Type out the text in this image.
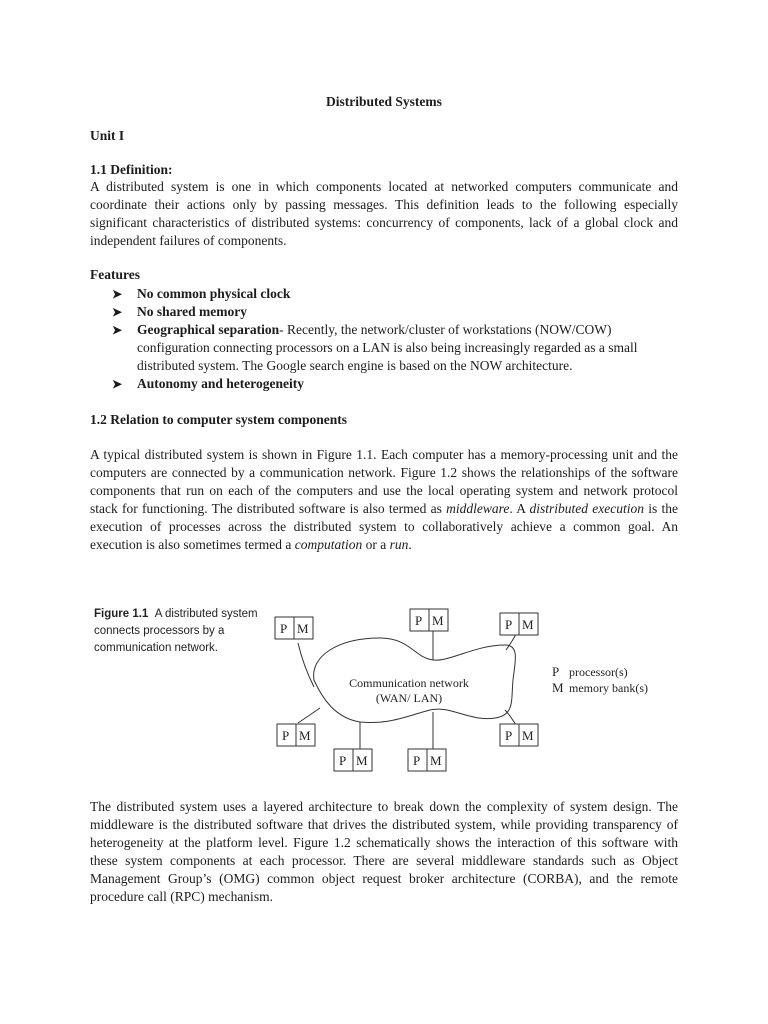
Distributed Systems
Unit I
1.1 Definition:

A distributed system is one in which components located at networked computers communicate and coordinate their actions only by passing messages. This definition leads to the following especially significant characteristics of distributed systems: concurrency of components, lack of a global clock and independent failures of components.

Features
➤ No common physical clock
➤ No shared memory
➤ Geographical separation- Recently, the network/cluster of workstations (NOW/COW) configuration connecting processors on a LAN is also being increasingly regarded as a small distributed system. The Google search engine is based on the NOW architecture.
➤ Autonomy and heterogeneity
1.2 Relation to computer system components

A typical distributed system is shown in Figure 1.1. Each computer has a memory-processing unit and the computers are connected by a communication network. Figure 1.2 shows the relationships of the software components that run on each of the computers and use the local operating system and network protocol stack for functioning. The distributed software is also termed as middleware. A distributed execution is the execution of processes across the distributed system to collaboratively achieve a common goal. An execution is also sometimes termed a computation or a run.

Figure 1.1 A distributed system connects processors by a communication network.
P M
P M	P M
P M
P M	P M
P M
Communication network
(WAN/ LAN)
P processor(s)
M memory bank(s)

The distributed system uses a layered architecture to break down the complexity of system design. The middleware is the distributed software that drives the distributed system, while providing transparency of heterogeneity at the platform level. Figure 1.2 schematically shows the interaction of this software with these system components at each processor. There are several middleware standards such as Object Management Group’s (OMG) common object request broker architecture (CORBA), and the remote procedure call (RPC) mechanism.
